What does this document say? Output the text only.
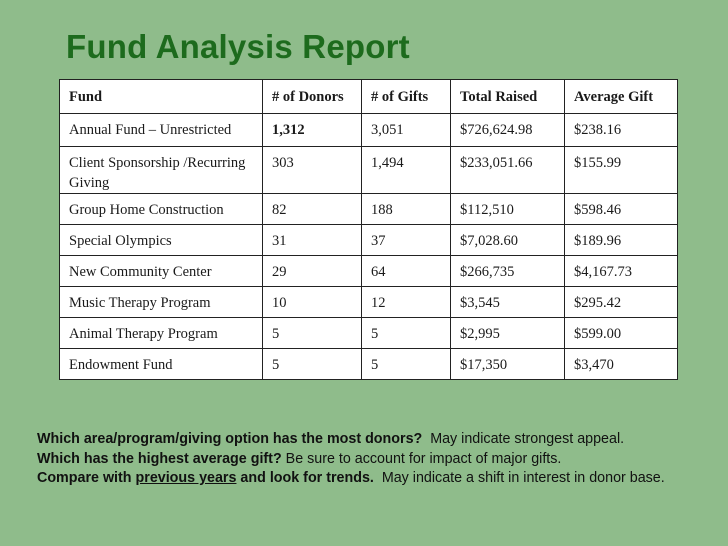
Fund Analysis Report
Fund	# of Donors	# of Gifts	Total Raised	Average Gift
Annual Fund – Unrestricted	1,312	3,051	$726,624.98	$238.16
Client Sponsorship /Recurring Giving	303	1,494	$233,051.66	$155.99
Group Home Construction	82	188	$112,510	$598.46
Special Olympics	31	37	$7,028.60	$189.96
New Community Center	29	64	$266,735	$4,167.73
Music Therapy Program	10	12	$3,545	$295.42
Animal Therapy Program	5	5	$2,995	$599.00
Endowment Fund	5	5	$17,350	$3,470
Which area/program/giving option has the most donors?  May indicate strongest appeal.
Which has the highest average gift? Be sure to account for impact of major gifts.
Compare with previous years and look for trends.  May indicate a shift in interest in donor base.
